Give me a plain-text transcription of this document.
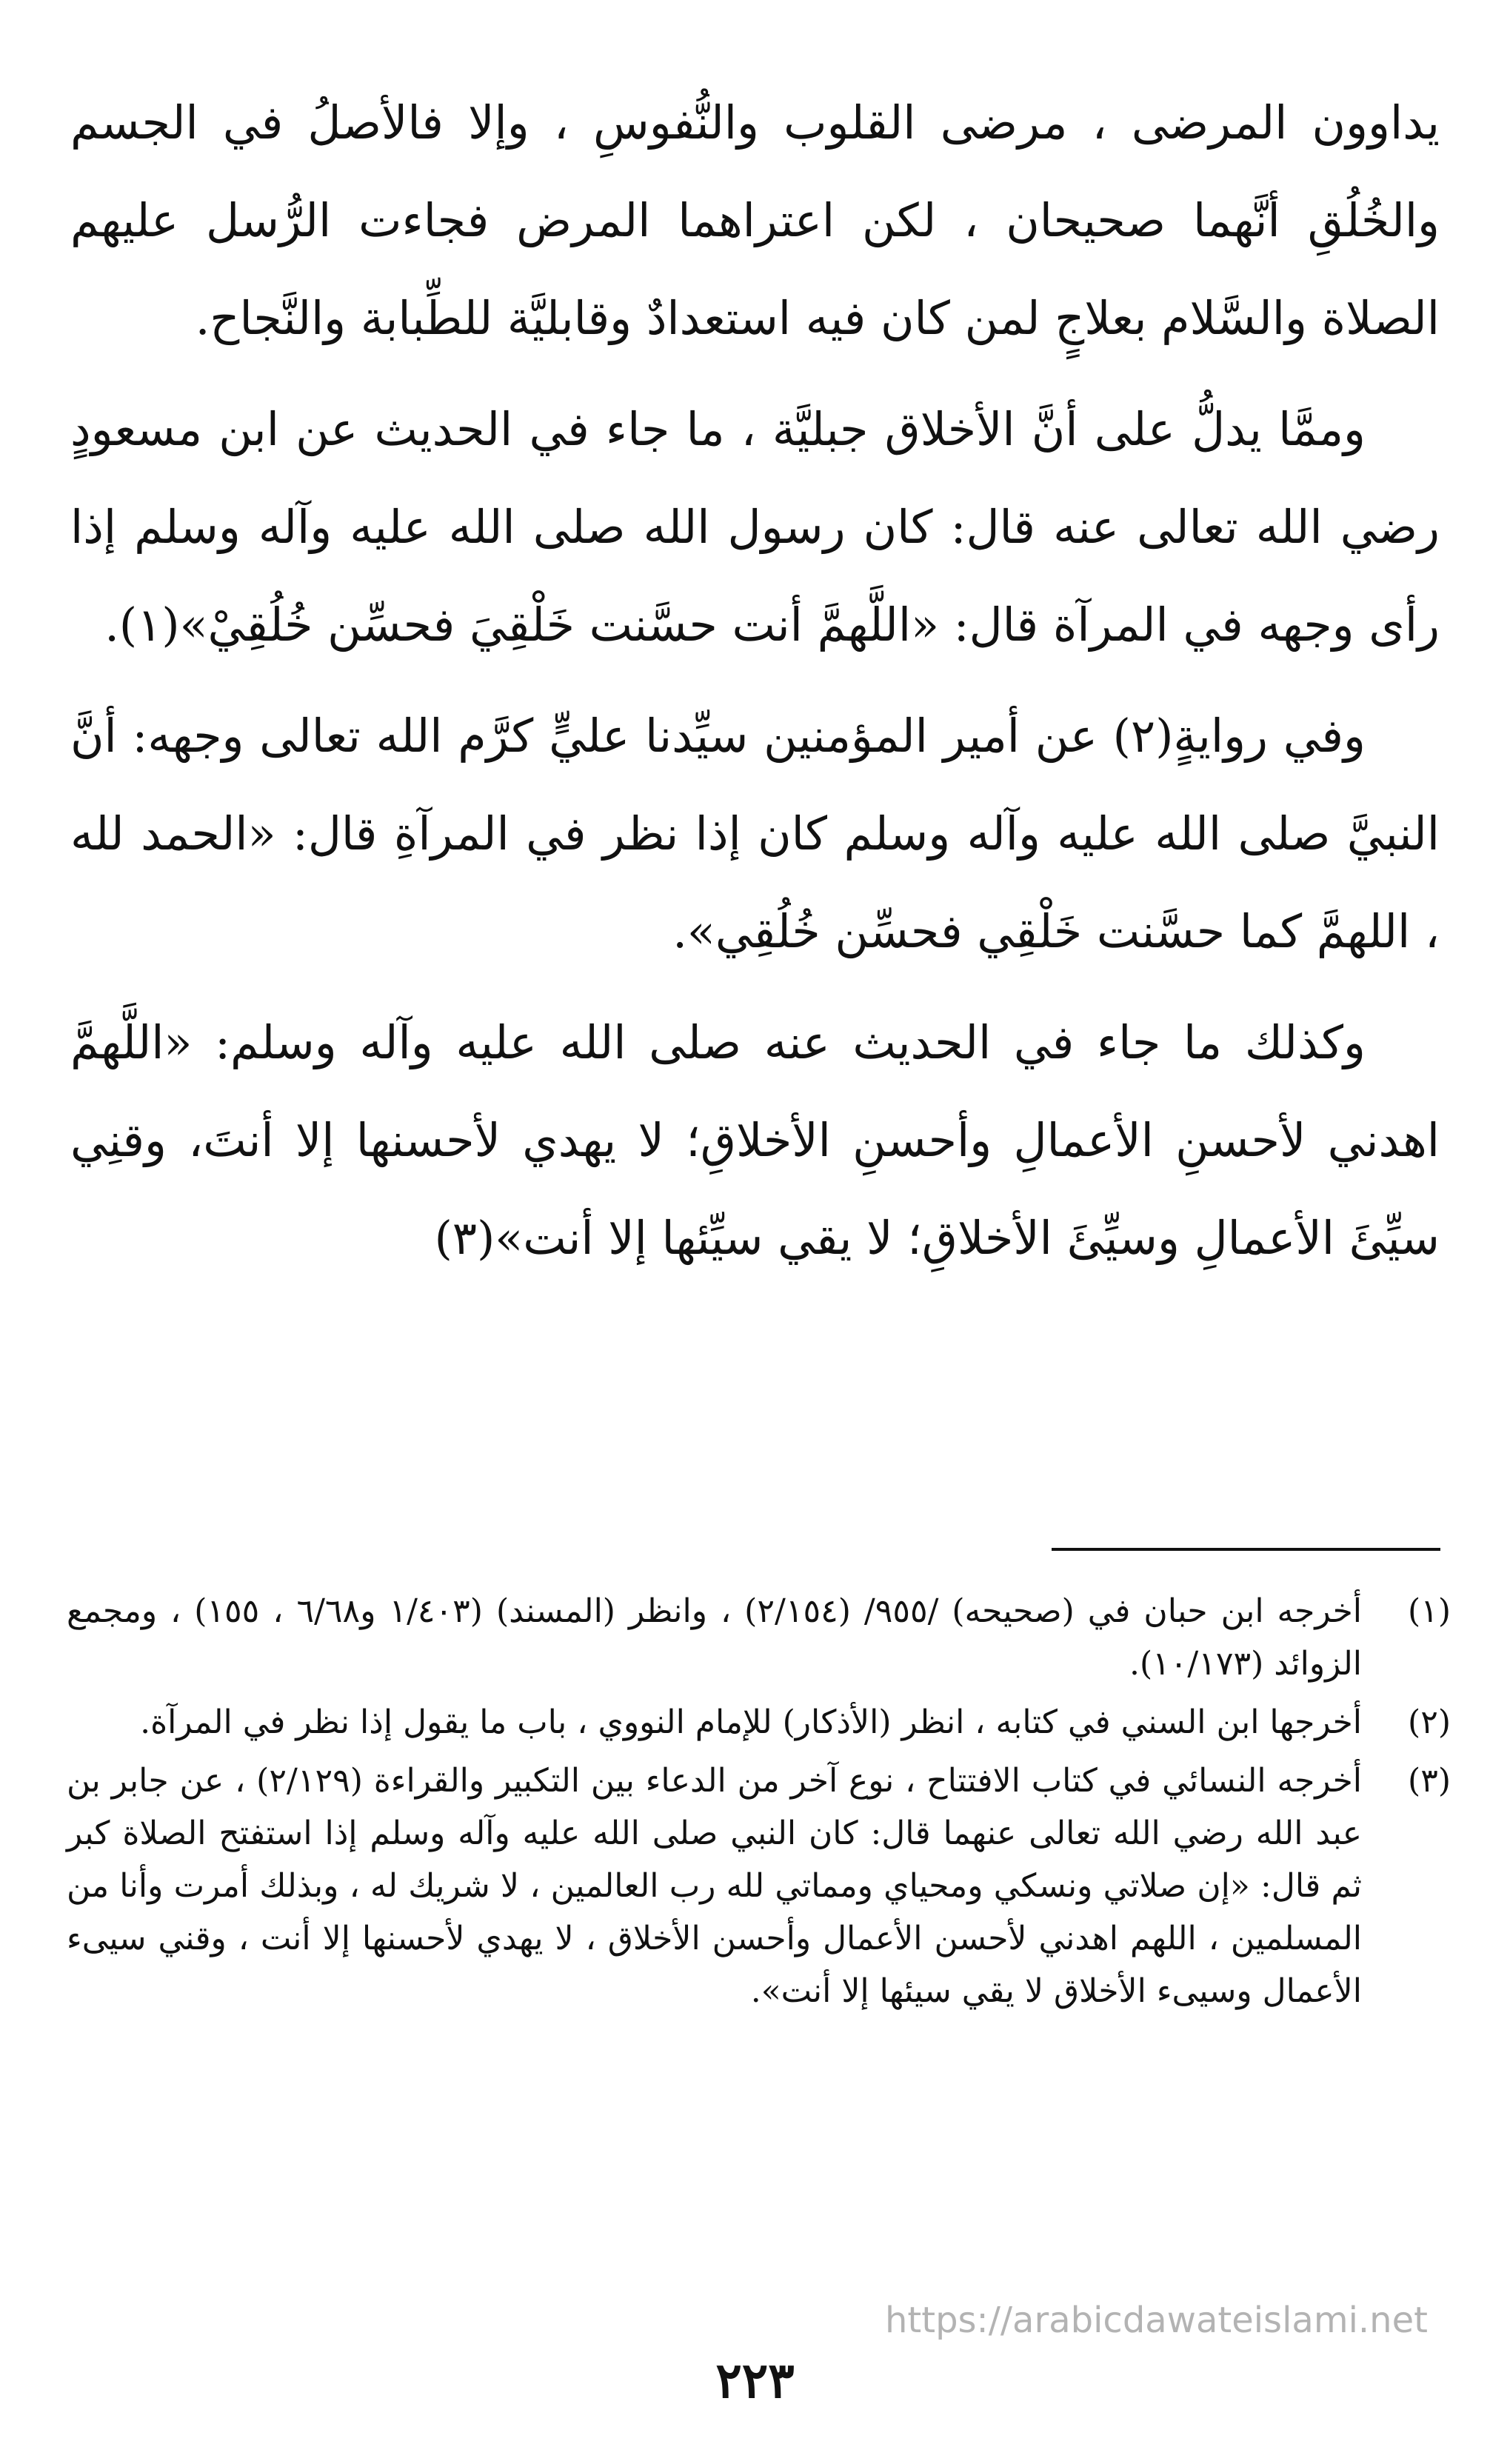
يداوون المرضى ، مرضى القلوب والنُّفوسِ ، وإلا فالأصلُ في الجسم والخُلُقِ أنَّهما صحيحان ، لكن اعتراهما المرض فجاءت الرُّسل عليهم الصلاة والسَّلام بعلاجٍ لمن كان فيه استعدادٌ وقابليَّة للطِّبابة والنَّجاح.

وممَّا يدلُّ على أنَّ الأخلاق جبليَّة ، ما جاء في الحديث عن ابن مسعودٍ رضي الله تعالى عنه قال: كان رسول الله صلى الله عليه وآله وسلم إذا رأى وجهه في المرآة قال: «اللَّهمَّ أنت حسَّنت خَلْقِيَ فحسِّن خُلُقِيْ»(١).

وفي روايةٍ(٢) عن أمير المؤمنين سيِّدنا عليٍّ كرَّم الله تعالى وجهه: أنَّ النبيَّ صلى الله عليه وآله وسلم كان إذا نظر في المرآةِ قال: «الحمد لله ، اللهمَّ كما حسَّنت خَلْقِي فحسِّن خُلُقِي».

وكذلك ما جاء في الحديث عنه صلى الله عليه وآله وسلم: «اللَّهمَّ اهدني لأحسنِ الأعمالِ وأحسنِ الأخلاقِ؛ لا يهدي لأحسنها إلا أنتَ، وقنِي سيِّئَ الأعمالِ وسيِّئَ الأخلاقِ؛ لا يقي سيِّئها إلا أنت»(٣)

(١)
أخرجه ابن حبان في (صحيحه) /٩٥٥/ (٢/١٥٤) ، وانظر (المسند) (١/٤٠٣ و٦/٦٨ ، ١٥٥) ، ومجمع الزوائد (١٠/١٧٣).
(٢)
أخرجها ابن السني في كتابه ، انظر (الأذكار) للإمام النووي ، باب ما يقول إذا نظر في المرآة.
(٣)
أخرجه النسائي في كتاب الافتتاح ، نوع آخر من الدعاء بين التكبير والقراءة (٢/١٢٩) ، عن جابر بن عبد الله رضي الله تعالى عنهما قال: كان النبي صلى الله عليه وآله وسلم إذا استفتح الصلاة كبر ثم قال: «إن صلاتي ونسكي ومحياي ومماتي لله رب العالمين ، لا شريك له ، وبذلك أمرت وأنا من المسلمين ، اللهم اهدني لأحسن الأعمال وأحسن الأخلاق ، لا يهدي لأحسنها إلا أنت ، وقني سيىء الأعمال وسيىء الأخلاق لا يقي سيئها إلا أنت».
https://arabicdawateislami.net
٢٢٣
